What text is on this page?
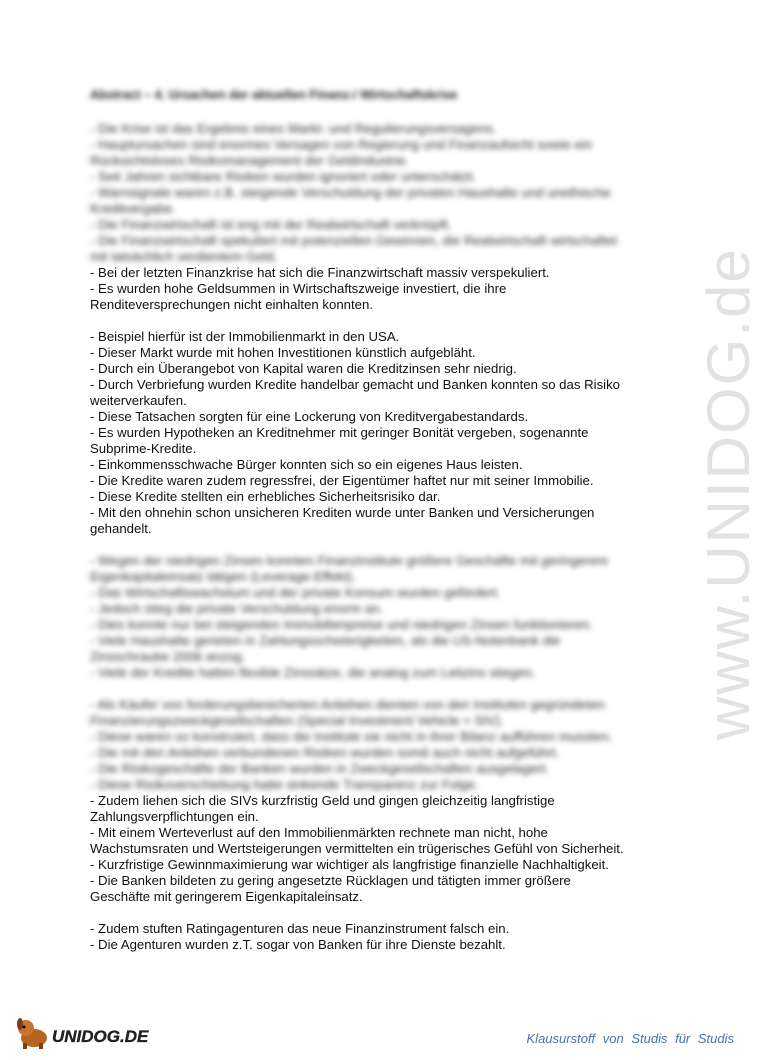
Abstract – 4. Ursachen der aktuellen Finanz-/ Wirtschaftskrise
- Die Krise ist das Ergebnis eines Markt- und Regulierungsversagens.
- Hauptursachen sind enormes Versagen von Regierung und Finanzaufsicht sowie ein
Rücksichtsloses Risikomanagement der Geldindustrie.
- Seit Jahren sichtbare Risiken wurden ignoriert oder unterschätzt.
- Warnsignale waren z.B. steigende Verschuldung der privaten Haushalte und unethische
Kreditvergabe.
- Die Finanzwirtschaft ist eng mit der Realwirtschaft verknüpft.
- Die Finanzwirtschaft spekuliert mit potenziellen Gewinnen, die Realwirtschaft wirtschaftet
mit tatsächlich verdientem Geld.
- Bei der letzten Finanzkrise hat sich die Finanzwirtschaft massiv verspekuliert.
- Es wurden hohe Geldsummen in Wirtschaftszweige investiert, die ihre
Renditeversprechungen nicht einhalten konnten.
- Beispiel hierfür ist der Immobilienmarkt in den USA.
- Dieser Markt wurde mit hohen Investitionen künstlich aufgebläht.
- Durch ein Überangebot von Kapital waren die Kreditzinsen sehr niedrig.
- Durch Verbriefung wurden Kredite handelbar gemacht und Banken konnten so das Risiko
weiterverkaufen.
- Diese Tatsachen sorgten für eine Lockerung von Kreditvergabestandards.
- Es wurden Hypotheken an Kreditnehmer mit geringer Bonität vergeben, sogenannte
Subprime-Kredite.
- Einkommensschwache Bürger konnten sich so ein eigenes Haus leisten.
- Die Kredite waren zudem regressfrei, der Eigentümer haftet nur mit seiner Immobilie.
- Diese Kredite stellten ein erhebliches Sicherheitsrisiko dar.
- Mit den ohnehin schon unsicheren Krediten wurde unter Banken und Versicherungen
gehandelt.
- Wegen der niedrigen Zinsen konnten Finanzinstitute größere Geschäfte mit geringerem
Eigenkapitaleinsatz tätigen (Leverage-Effekt).
- Das Wirtschaftswachstum und der private Konsum wurden gefördert.
- Jedoch stieg die private Verschuldung enorm an.
- Dies konnte nur bei steigenden Immobilienpreise und niedrigen Zinsen funktionieren.
- Viele Haushalte gerieten in Zahlungsschwierigkeiten, als die US-Notenbank die
Zinsschraube 2006 anzog.
- Viele der Kredite hatten flexible Zinssätze, die analog zum Leitzins stiegen.
- Als Käufer von forderungsbesicherten Anleihen dienten von den Instituten gegründeten
Finanzierungszweckgesellschaften (Special Investment Vehicle = SIV).
- Diese waren so konstruiert, dass die Institute sie nicht in ihrer Bilanz aufführen mussten.
- Die mit den Anleihen verbundenen Risiken wurden somit auch nicht aufgeführt.
- Die Risikogeschäfte der Banken wurden in Zweckgesellschaften ausgelagert.
- Diese Risikoverschiebung hatte sinkende Transparenz zur Folge.
- Zudem liehen sich die SIVs kurzfristig Geld und gingen gleichzeitig langfristige
Zahlungsverpflichtungen ein.
- Mit einem Werteverlust auf den Immobilienmärkten rechnete man nicht, hohe
Wachstumsraten und Wertsteigerungen vermittelten ein trügerisches Gefühl von Sicherheit.
- Kurzfristige Gewinnmaximierung war wichtiger als langfristige finanzielle Nachhaltigkeit.
- Die Banken bildeten zu gering angesetzte Rücklagen und tätigten immer größere
Geschäfte mit geringerem Eigenkapitaleinsatz.
- Zudem stuften Ratingagenturen das neue Finanzinstrument falsch ein.
- Die Agenturen wurden z.T. sogar von Banken für ihre Dienste bezahlt.
www.UNIDOG.de
UNIDOG.DE	Klausurstoff von Studis für Studis
